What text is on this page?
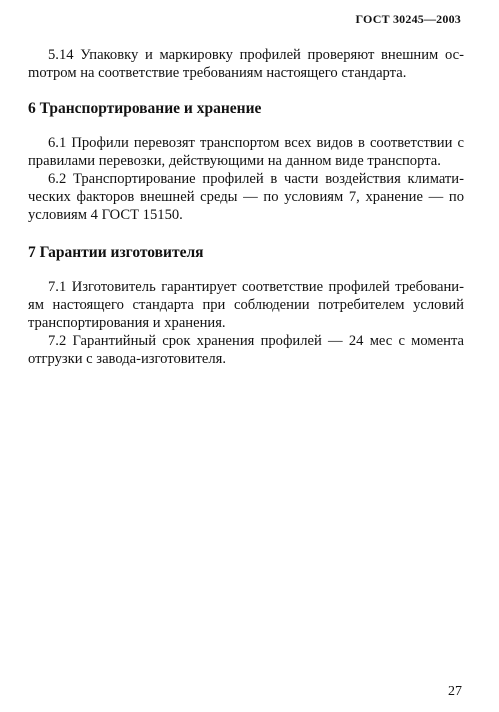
ГОСТ 30245—2003

5.14 Упаковку и маркировку профилей проверяют внешним осmотром на соответствие требованиям настоящего стандарта.

6 Транспортирование и хранение

6.1 Профили перевозят транспортом всех видов в соответствии с правилами перевозки, действующими на данном виде транспорта.

6.2 Транспортирование профилей в части воздействия климатических факторов внешней среды — по условиям 7, хранение — по условиям 4 ГОСТ 15150.

7 Гарантии изготовителя

7.1 Изготовитель гарантирует соответствие профилей требованиям настоящего стандарта при соблюдении потребителем условий транспортирования и хранения.

7.2 Гарантийный срок хранения профилей — 24 мес с момента отгрузки с завода-изготовителя.

27
